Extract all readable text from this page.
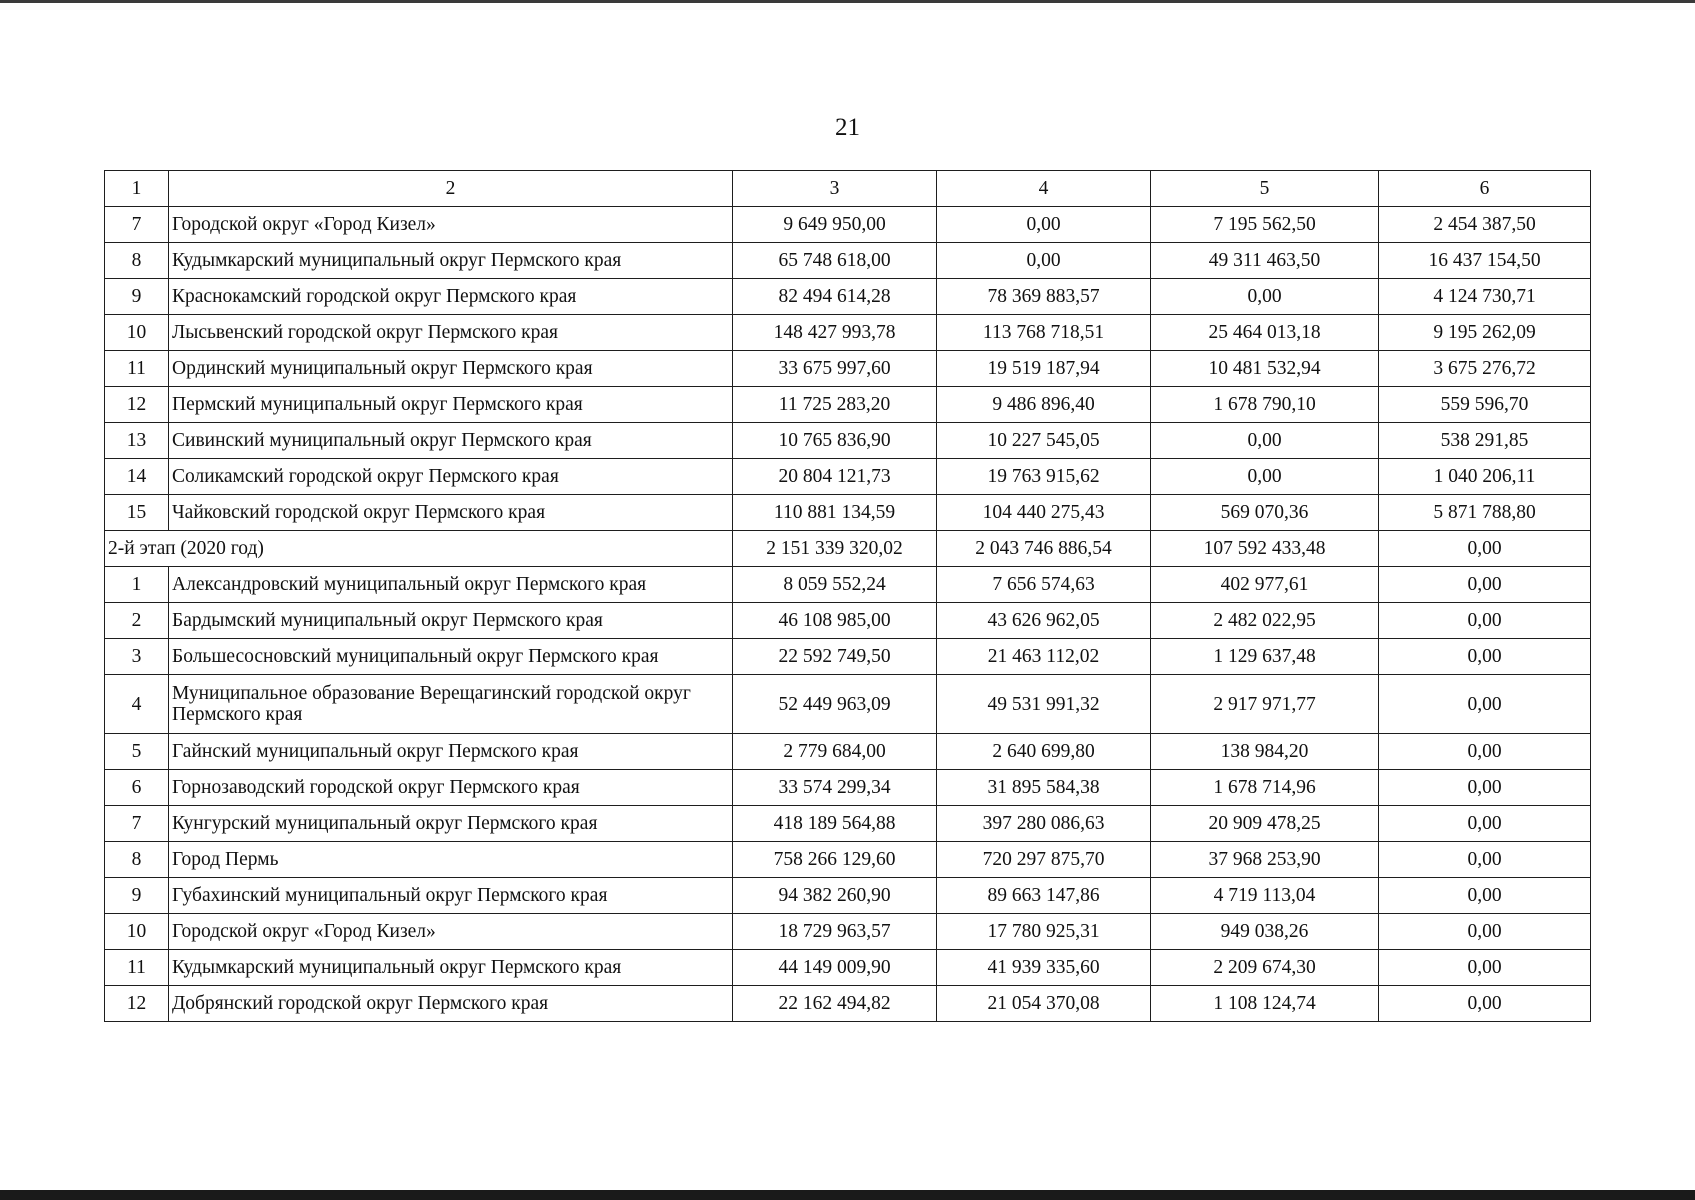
21
1	2	3	4	5	6
7	Городской округ «Город Кизел»	9 649 950,00	0,00	7 195 562,50	2 454 387,50
8	Кудымкарский муниципальный округ Пермского края	65 748 618,00	0,00	49 311 463,50	16 437 154,50
9	Краснокамский городской округ Пермского края	82 494 614,28	78 369 883,57	0,00	4 124 730,71
10	Лысьвенский городской округ Пермского края	148 427 993,78	113 768 718,51	25 464 013,18	9 195 262,09
11	Ординский муниципальный округ Пермского края	33 675 997,60	19 519 187,94	10 481 532,94	3 675 276,72
12	Пермский муниципальный округ Пермского края	11 725 283,20	9 486 896,40	1 678 790,10	559 596,70
13	Сивинский муниципальный округ Пермского края	10 765 836,90	10 227 545,05	0,00	538 291,85
14	Соликамский городской округ Пермского края	20 804 121,73	19 763 915,62	0,00	1 040 206,11
15	Чайковский городской округ Пермского края	110 881 134,59	104 440 275,43	569 070,36	5 871 788,80
2-й этап (2020 год)		2 151 339 320,02	2 043 746 886,54	107 592 433,48	0,00
1	Александровский муниципальный округ Пермского края	8 059 552,24	7 656 574,63	402 977,61	0,00
2	Бардымский муниципальный округ Пермского края	46 108 985,00	43 626 962,05	2 482 022,95	0,00
3	Большесосновский муниципальный округ Пермского края	22 592 749,50	21 463 112,02	1 129 637,48	0,00
4	Муниципальное образование Верещагинский городской округ Пермского края	52 449 963,09	49 531 991,32	2 917 971,77	0,00
5	Гайнский муниципальный округ Пермского края	2 779 684,00	2 640 699,80	138 984,20	0,00
6	Горнозаводский городской округ Пермского края	33 574 299,34	31 895 584,38	1 678 714,96	0,00
7	Кунгурский муниципальный округ Пермского края	418 189 564,88	397 280 086,63	20 909 478,25	0,00
8	Город Пермь	758 266 129,60	720 297 875,70	37 968 253,90	0,00
9	Губахинский муниципальный округ Пермского края	94 382 260,90	89 663 147,86	4 719 113,04	0,00
10	Городской округ «Город Кизел»	18 729 963,57	17 780 925,31	949 038,26	0,00
11	Кудымкарский муниципальный округ Пермского края	44 149 009,90	41 939 335,60	2 209 674,30	0,00
12	Добрянский городской округ Пермского края	22 162 494,82	21 054 370,08	1 108 124,74	0,00
